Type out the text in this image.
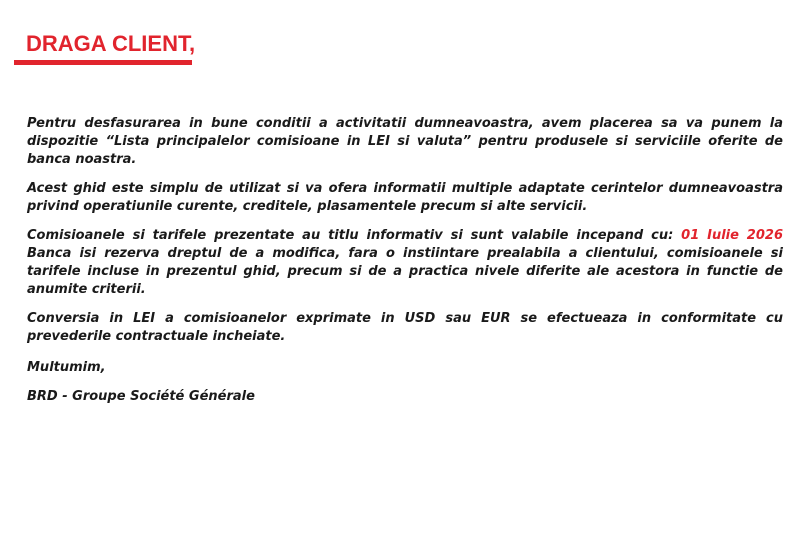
DRAGA CLIENT,

Pentru desfasurarea in bune conditii a activitatii dumneavoastra, avem placerea sa va punem la dispozitie “Lista principalelor comisioane in LEI si valuta” pentru produsele si serviciile oferite de banca noastra.

Acest ghid este simplu de utilizat si va ofera informatii multiple adaptate cerintelor dumneavoastra privind operatiunile curente, creditele, plasamentele precum si alte servicii.

Comisioanele si tarifele prezentate au titlu informativ si sunt valabile incepand cu: 01 Iulie 2026 Banca isi rezerva dreptul de a modifica, fara o instiintare prealabila a clientului, comisioanele si tarifele incluse in prezentul ghid, precum si de a practica nivele diferite ale acestora in functie de anumite criterii.

Conversia in LEI a comisioanelor exprimate in USD sau EUR se efectueaza in conformitate cu prevederile contractuale incheiate.

Multumim,
BRD - Groupe Société Générale
